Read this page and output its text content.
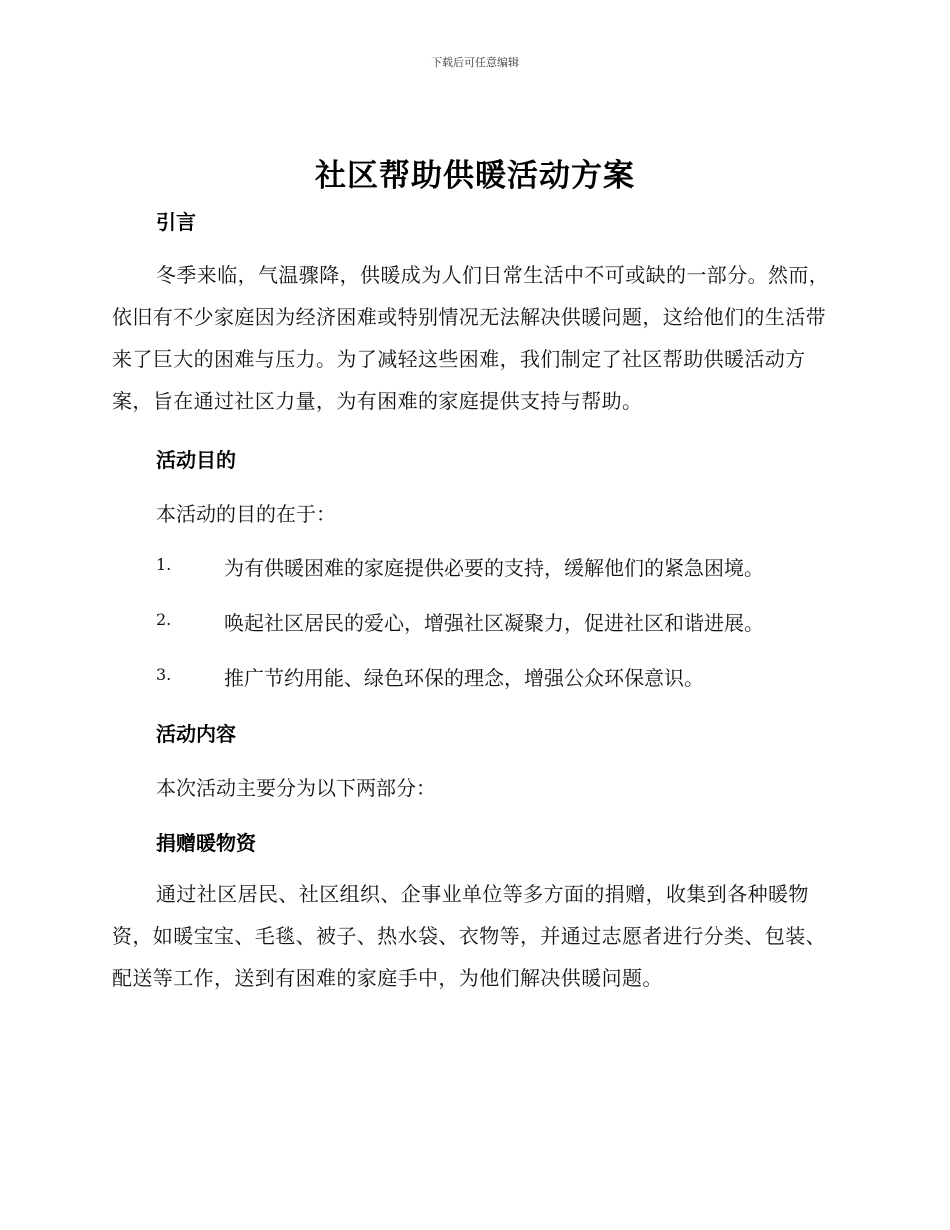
下载后可任意编辑
社区帮助供暖活动方案
引言
冬季来临，气温骤降，供暖成为人们日常生活中不可或缺的一部分。然而，依旧有不少家庭因为经济困难或特别情况无法解决供暖问题，这给他们的生活带来了巨大的困难与压力。为了减轻这些困难，我们制定了社区帮助供暖活动方案，旨在通过社区力量，为有困难的家庭提供支持与帮助。
活动目的
本活动的目的在于：
1.	为有供暖困难的家庭提供必要的支持，缓解他们的紧急困境。
2.	唤起社区居民的爱心，增强社区凝聚力，促进社区和谐进展。
3.	推广节约用能、绿色环保的理念，增强公众环保意识。
活动内容
本次活动主要分为以下两部分：
捐赠暖物资
通过社区居民、社区组织、企事业单位等多方面的捐赠，收集到各种暖物资，如暖宝宝、毛毯、被子、热水袋、衣物等，并通过志愿者进行分类、包装、配送等工作，送到有困难的家庭手中，为他们解决供暖问题。
